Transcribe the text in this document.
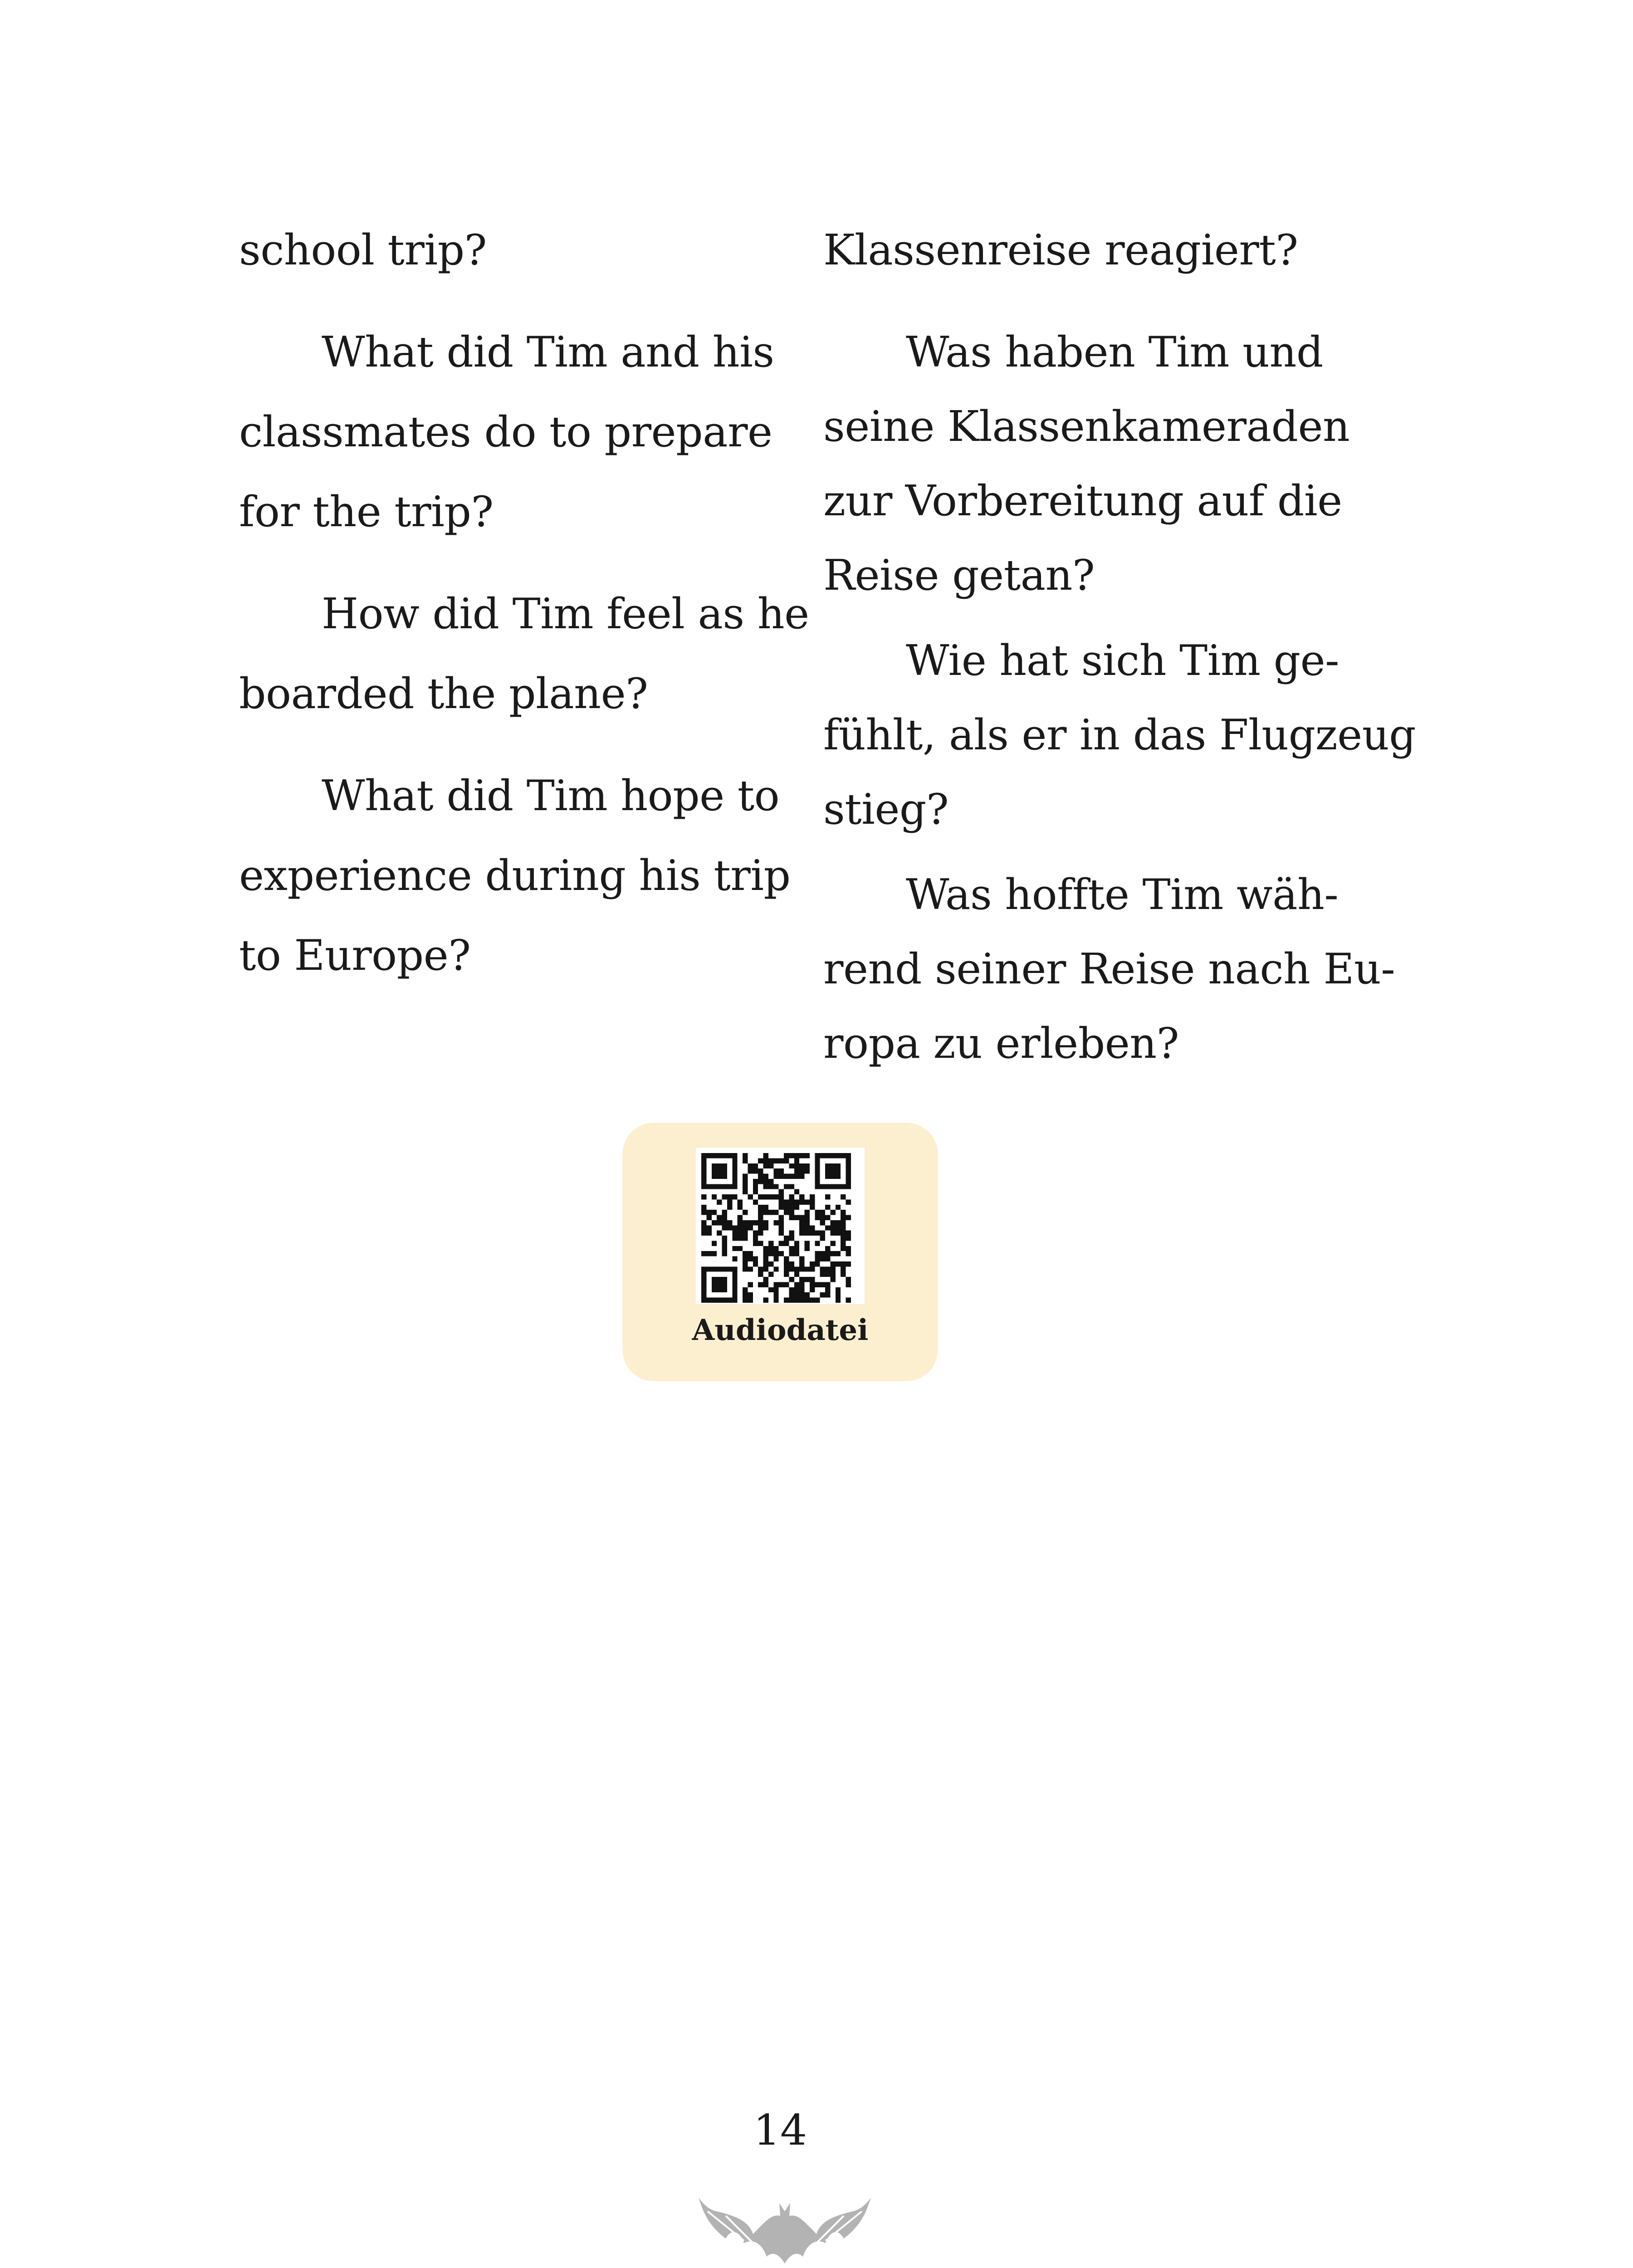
school trip?
What did Tim and his
classmates do to prepare
for the trip?
How did Tim feel as he
boarded the plane?
What did Tim hope to
experience during his trip
to Europe?
Klassenreise reagiert?
Was haben Tim und
seine Klassenkameraden
zur Vorbereitung auf die
Reise getan?
Wie hat sich Tim ge-
fühlt, als er in das Flugzeug
stieg?
Was hoffte Tim wäh-
rend seiner Reise nach Eu-
ropa zu erleben?
Audiodatei
14
